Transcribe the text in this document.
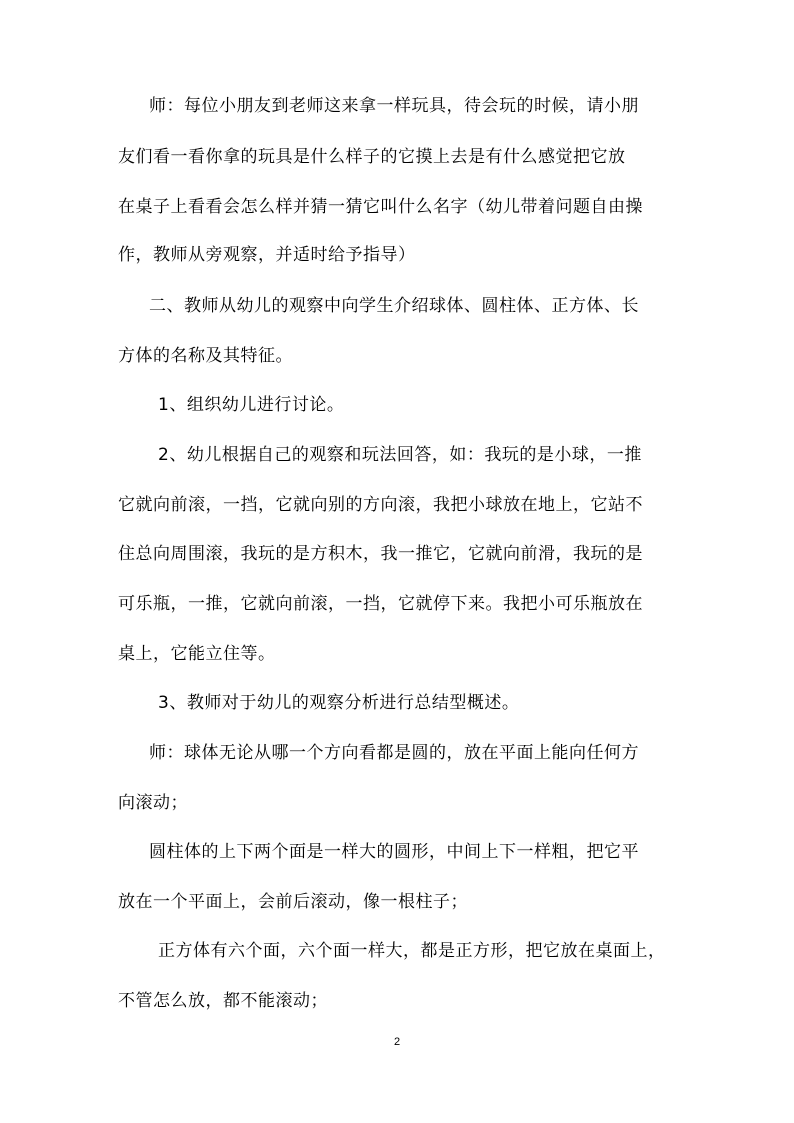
师：每位小朋友到老师这来拿一样玩具，待会玩的时候，请小朋
友们看一看你拿的玩具是什么样子的它摸上去是有什么感觉把它放
在桌子上看看会怎么样并猜一猜它叫什么名字（幼儿带着问题自由操
作，教师从旁观察，并适时给予指导）
二、教师从幼儿的观察中向学生介绍球体、圆柱体、正方体、长
方体的名称及其特征。
1、组织幼儿进行讨论。
2、幼儿根据自己的观察和玩法回答，如：我玩的是小球，一推
它就向前滚，一挡，它就向别的方向滚，我把小球放在地上，它站不
住总向周围滚，我玩的是方积木，我一推它，它就向前滑，我玩的是
可乐瓶，一推，它就向前滚，一挡，它就停下来。我把小可乐瓶放在
桌上，它能立住等。
3、教师对于幼儿的观察分析进行总结型概述。
师：球体无论从哪一个方向看都是圆的，放在平面上能向任何方
向滚动；
圆柱体的上下两个面是一样大的圆形，中间上下一样粗，把它平
放在一个平面上，会前后滚动，像一根柱子；
正方体有六个面，六个面一样大，都是正方形，把它放在桌面上，
不管怎么放，都不能滚动；
2
